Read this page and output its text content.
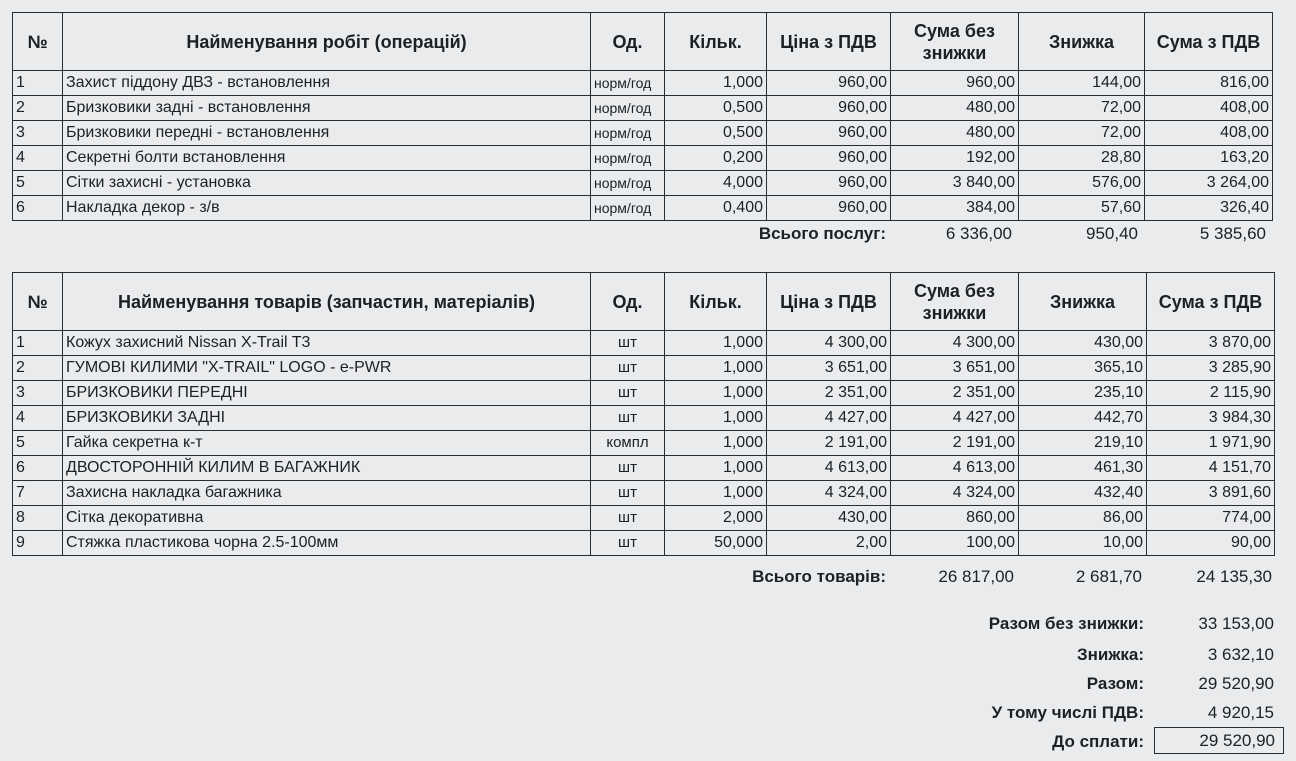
№	Найменування робіт (операцій)	Од.	Кільк.	Ціна з ПДВ	Сума без знижки	Знижка	Сума з ПДВ
1	Захист піддону ДВЗ - встановлення	норм/год	1,000	960,00	960,00	144,00	816,00
2	Бризковики задні - встановлення	норм/год	0,500	960,00	480,00	72,00	408,00
3	Бризковики передні - встановлення	норм/год	0,500	960,00	480,00	72,00	408,00
4	Секретні болти встановлення	норм/год	0,200	960,00	192,00	28,80	163,20
5	Сітки захисні - установка	норм/год	4,000	960,00	3 840,00	576,00	3 264,00
6	Накладка декор - з/в	норм/год	0,400	960,00	384,00	57,60	326,40
Всього послуг:	6 336,00	950,40	5 385,60
№	Найменування товарів (запчастин, матеріалів)	Од.	Кільк.	Ціна з ПДВ	Сума без знижки	Знижка	Сума з ПДВ
1	Кожух захисний Nissan X-Trail T3	шт	1,000	4 300,00	4 300,00	430,00	3 870,00
2	ГУМОВІ КИЛИМИ "X-TRAIL" LOGO - e-PWR	шт	1,000	3 651,00	3 651,00	365,10	3 285,90
3	БРИЗКОВИКИ ПЕРЕДНІ	шт	1,000	2 351,00	2 351,00	235,10	2 115,90
4	БРИЗКОВИКИ ЗАДНІ	шт	1,000	4 427,00	4 427,00	442,70	3 984,30
5	Гайка секретна к-т	компл	1,000	2 191,00	2 191,00	219,10	1 971,90
6	ДВОСТОРОННІЙ КИЛИМ В БАГАЖНИК	шт	1,000	4 613,00	4 613,00	461,30	4 151,70
7	Захисна накладка багажника	шт	1,000	4 324,00	4 324,00	432,40	3 891,60
8	Сітка декоративна	шт	2,000	430,00	860,00	86,00	774,00
9	Стяжка пластикова чорна 2.5-100мм	шт	50,000	2,00	100,00	10,00	90,00
Всього товарів:	26 817,00	2 681,70	24 135,30
Разом без знижки:	33 153,00
Знижка:	3 632,10
Разом:	29 520,90
У тому числі ПДВ:	4 920,15
До сплати:	29 520,90
